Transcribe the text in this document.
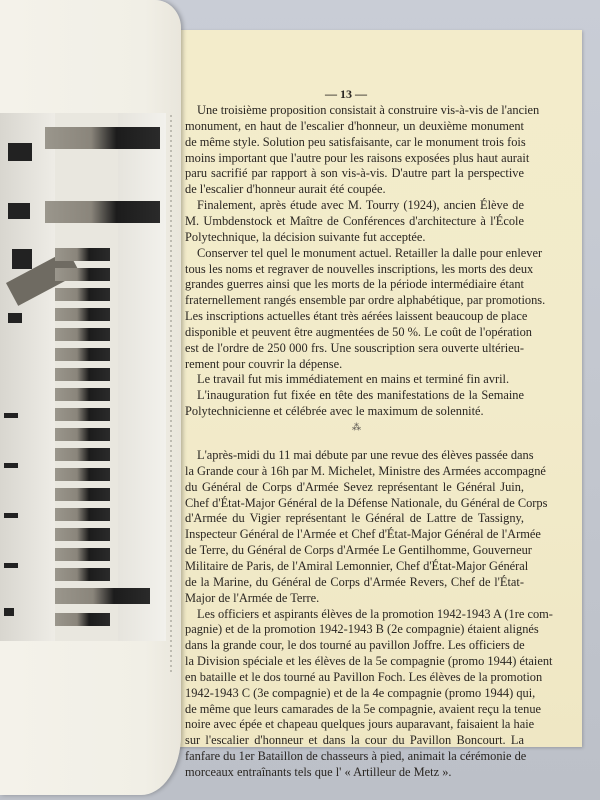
— 13 —
Une troisième proposition consistait à construire vis-à-vis de l'ancien
monument, en haut de l'escalier d'honneur, un deuxième monument
de même style. Solution peu satisfaisante, car le monument trois fois
moins important que l'autre pour les raisons exposées plus haut aurait
paru sacrifié par rapport à son vis-à-vis. D'autre part la perspective
de l'escalier d'honneur aurait été coupée.
Finalement, après étude avec M. Tourry (1924), ancien Élève de
M. Umbdenstock et Maître de Conférences d'architecture à l'École
Polytechnique, la décision suivante fut acceptée.
Conserver tel quel le monument actuel. Retailler la dalle pour enlever
tous les noms et regraver de nouvelles inscriptions, les morts des deux
grandes guerres ainsi que les morts de la période intermédiaire étant
fraternellement rangés ensemble par ordre alphabétique, par promotions.
Les inscriptions actuelles étant très aérées laissent beaucoup de place
disponible et peuvent être augmentées de 50 %. Le coût de l'opération
est de l'ordre de 250 000 frs. Une souscription sera ouverte ultérieu-
rement pour couvrir la dépense.
Le travail fut mis immédiatement en mains et terminé fin avril.
L'inauguration fut fixée en tête des manifestations de la Semaine
Polytechnicienne et célébrée avec le maximum de solennité.
⁂
L'après-midi du 11 mai débute par une revue des élèves passée dans
la Grande cour à 16h par M. Michelet, Ministre des Armées accompagné
du Général de Corps d'Armée Sevez représentant le Général Juin,
Chef d'État-Major Général de la Défense Nationale, du Général de Corps
d'Armée du Vigier représentant le Général de Lattre de Tassigny,
Inspecteur Général de l'Armée et Chef d'État-Major Général de l'Armée
de Terre, du Général de Corps d'Armée Le Gentilhomme, Gouverneur
Militaire de Paris, de l'Amiral Lemonnier, Chef d'État-Major Général
de la Marine, du Général de Corps d'Armée Revers, Chef de l'État-
Major de l'Armée de Terre.
Les officiers et aspirants élèves de la promotion 1942-1943 A (1re com-
pagnie) et de la promotion 1942-1943 B (2e compagnie) étaient alignés
dans la grande cour, le dos tourné au pavillon Joffre. Les officiers de
la Division spéciale et les élèves de la 5e compagnie (promo 1944) étaient
en bataille et le dos tourné au Pavillon Foch. Les élèves de la promotion
1942-1943 C (3e compagnie) et de la 4e compagnie (promo 1944) qui,
de même que leurs camarades de la 5e compagnie, avaient reçu la tenue
noire avec épée et chapeau quelques jours auparavant, faisaient la haie
sur l'escalier d'honneur et dans la cour du Pavillon Boncourt. La
fanfare du 1er Bataillon de chasseurs à pied, animait la cérémonie de
morceaux entraînants tels que l' « Artilleur de Metz ».
